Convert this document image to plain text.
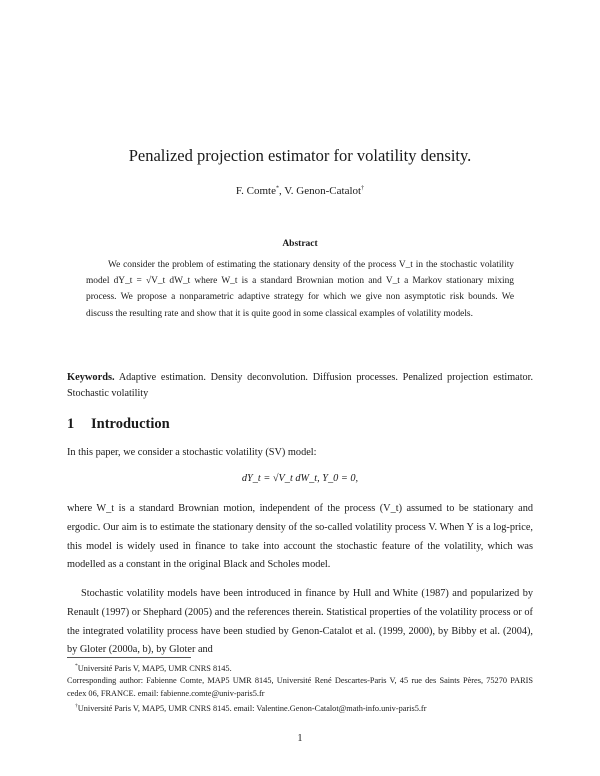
Penalized projection estimator for volatility density.
F. Comte*, V. Genon-Catalot†
Abstract
We consider the problem of estimating the stationary density of the process V_t in the stochastic volatility model dY_t = √V_t dW_t where W_t is a standard Brownian motion and V_t a Markov stationary mixing process. We propose a nonparametric adaptive strategy for which we give non asymptotic risk bounds. We discuss the resulting rate and show that it is quite good in some classical examples of volatility models.
Keywords. Adaptive estimation. Density deconvolution. Diffusion processes. Penalized projection estimator. Stochastic volatility
1 Introduction
In this paper, we consider a stochastic volatility (SV) model:
dY_t = √V_t dW_t, Y_0 = 0,
where W_t is a standard Brownian motion, independent of the process (V_t) assumed to be stationary and ergodic. Our aim is to estimate the stationary density of the so-called volatility process V. When Y is a log-price, this model is widely used in finance to take into account the stochastic feature of the volatility, which was modelled as a constant in the original Black and Scholes model.
Stochastic volatility models have been introduced in finance by Hull and White (1987) and popularized by Renault (1997) or Shephard (2005) and the references therein. Statistical properties of the volatility process or of the integrated volatility process have been studied by Genon-Catalot et al. (1999, 2000), by Bibby et al. (2004), by Gloter (2000a, b), by Gloter and
*Université Paris V, MAP5, UMR CNRS 8145.
Corresponding author: Fabienne Comte, MAP5 UMR 8145, Université René Descartes-Paris V, 45 rue des Saints Pères, 75270 PARIS cedex 06, FRANCE. email: fabienne.comte@univ-paris5.fr
†Université Paris V, MAP5, UMR CNRS 8145. email: Valentine.Genon-Catalot@math-info.univ-paris5.fr
1
